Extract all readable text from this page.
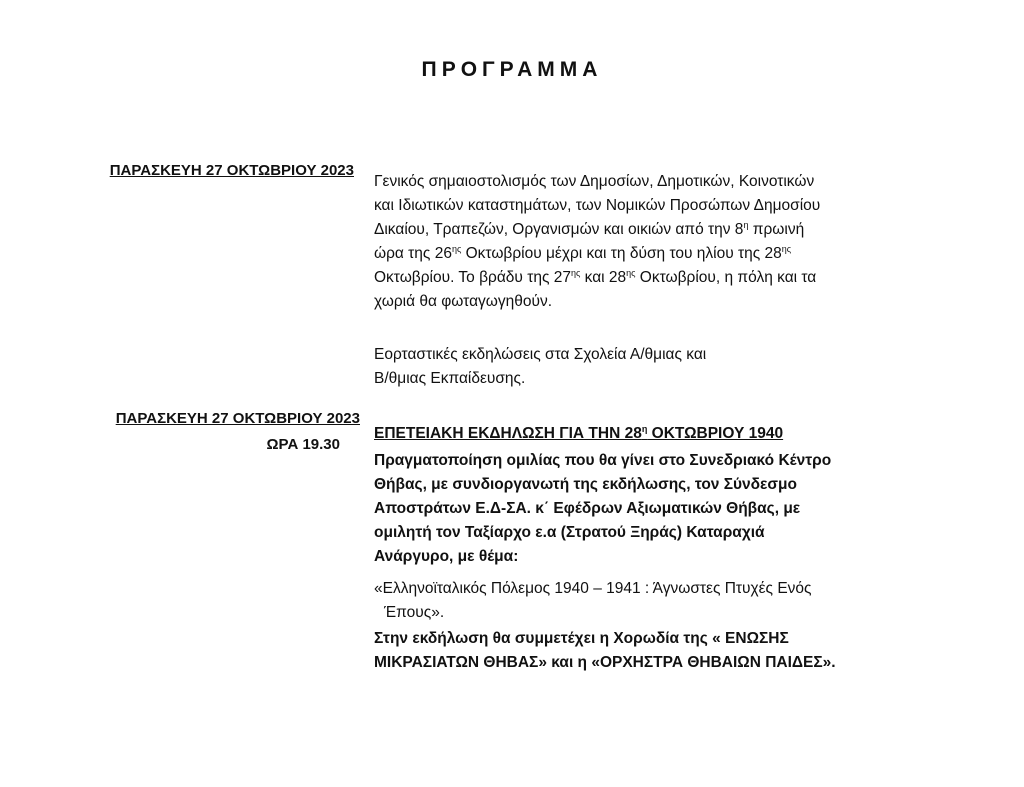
ΠΡΟΓΡΑΜΜΑ
ΠΑΡΑΣΚΕΥΗ 27 ΟΚΤΩΒΡΙΟΥ 2023
Γενικός σημαιοστολισμός των Δημοσίων, Δημοτικών, Κοινοτικών
και Ιδιωτικών καταστημάτων, των Νομικών Προσώπων Δημοσίου
Δικαίου, Τραπεζών, Οργανισμών και οικιών από την $8^\eta$ πρωινή
ώρα της $26^{\eta\varsigma}$ Οκτωβρίου μέχρι και τη δύση του ηλίου της $28^{\eta\varsigma}$
Οκτωβρίου. Το βράδυ της $27^{\eta\varsigma}$ και $28^{\eta\varsigma}$ Οκτωβρίου, η πόλη και τα
χωριά θα φωταγωγηθούν.
Εορταστικές εκδηλώσεις στα Σχολεία Α/θμιας και
Β/θμιας Εκπαίδευσης.
ΠΑΡΑΣΚΕΥΗ 27 ΟΚΤΩΒΡΙΟΥ 2023
ΩΡΑ 19.30
ΕΠΕΤΕΙΑΚΗ ΕΚΔΗΛΩΣΗ ΓΙΑ ΤΗΝ $28^\eta$ ΟΚΤΩΒΡΙΟΥ 1940
Πραγματοποίηση ομιλίας που θα γίνει στο Συνεδριακό Κέντρο
Θήβας, με συνδιοργανωτή της εκδήλωσης, τον Σύνδεσμο
Αποστράτων Ε.Δ-ΣΑ. κ΄ Εφέδρων Αξιωματικών Θήβας, με
ομιλητή τον Ταξίαρχο ε.α (Στρατού Ξηράς) Καταραχιά
Ανάργυρο, με θέμα:
«Ελληνοϊταλικός Πόλεμος 1940 – 1941 : Άγνωστες Πτυχές Ενός
Έπους».
Στην εκδήλωση θα συμμετέχει η Χορωδία της « ΕΝΩΣΗΣ
ΜΙΚΡΑΣΙΑΤΩΝ ΘΗΒΑΣ» και η «ΟΡΧΗΣΤΡΑ ΘΗΒΑΙΩΝ ΠΑΙΔΕΣ».
